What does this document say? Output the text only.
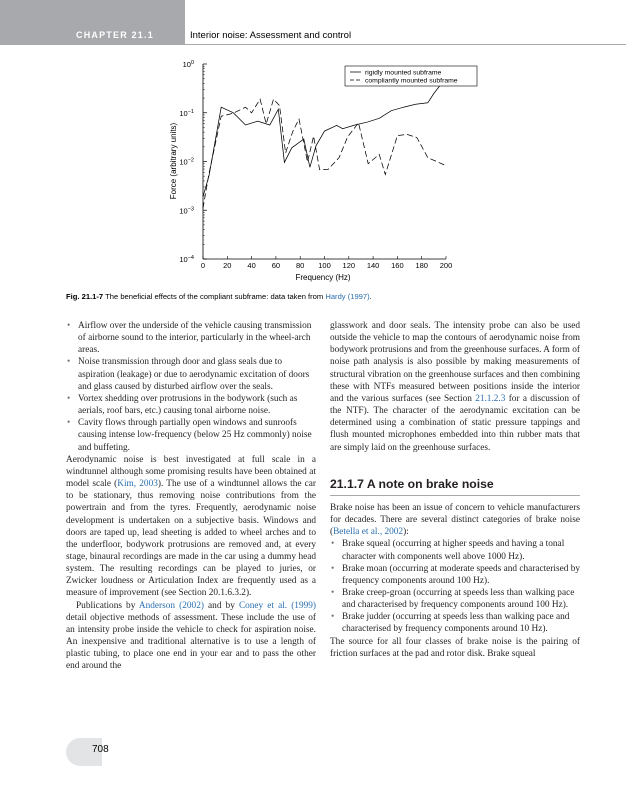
CHAPTER 21.1	Interior noise: Assessment and control
0 20 40 60 80 100 120 140 160 180 200
$10^0$
$10^{-1}$
$10^{-2}$
$10^{-3}$
$10^{-4}$
rigidly mounted subframe
compliantly mounted subframe
Frequency (Hz)
Force (arbitrary units)
Fig. 21.1-7 The beneficial effects of the compliant subframe: data taken from Hardy (1997).
• Airflow over the underside of the vehicle causing transmission of airborne sound to the interior, particularly in the wheel-arch areas.
• Noise transmission through door and glass seals due to aspiration (leakage) or due to aerodynamic excitation of doors and glass caused by disturbed airflow over the seals.
• Vortex shedding over protrusions in the bodywork (such as aerials, roof bars, etc.) causing tonal airborne noise.
• Cavity flows through partially open windows and sunroofs causing intense low-frequency (below 25 Hz commonly) noise and buffeting.

Aerodynamic noise is best investigated at full scale in a windtunnel although some promising results have been obtained at model scale (Kim, 2003). The use of a windtunnel allows the car to be stationary, thus removing noise contributions from the powertrain and from the tyres. Frequently, aerodynamic noise development is undertaken on a subjective basis. Windows and doors are taped up, lead sheeting is added to wheel arches and to the underfloor, bodywork protrusions are removed and, at every stage, binaural recordings are made in the car using a dummy head system. The resulting recordings can be played to juries, or Zwicker loudness or Articulation Index are frequently used as a measure of improvement (see Section 20.1.6.3.2).

Publications by Anderson (2002) and by Coney et al. (1999) detail objective methods of assessment. These include the use of an intensity probe inside the vehicle to check for aspiration noise. An inexpensive and traditional alternative is to use a length of plastic tubing, to place one end in your ear and to pass the other end around the

glasswork and door seals. The intensity probe can also be used outside the vehicle to map the contours of aerodynamic noise from bodywork protrusions and from the greenhouse surfaces. A form of noise path analysis is also possible by making measurements of structural vibration on the greenhouse surfaces and then combining these with NTFs measured between positions inside the interior and the various surfaces (see Section 21.1.2.3 for a discussion of the NTF). The character of the aerodynamic excitation can be determined using a combination of static pressure tappings and flush mounted microphones embedded into thin rubber mats that are simply laid on the greenhouse surfaces.

21.1.7 A note on brake noise

Brake noise has been an issue of concern to vehicle manufacturers for decades. There are several distinct categories of brake noise (Betella et al., 2002):

• Brake squeal (occurring at higher speeds and having a tonal character with components well above 1000 Hz).
• Brake moan (occurring at moderate speeds and characterised by frequency components around 100 Hz).
• Brake creep-groan (occurring at speeds less than walking pace and characterised by frequency components around 100 Hz).
• Brake judder (occurring at speeds less than walking pace and characterised by frequency components around 10 Hz).

The source for all four classes of brake noise is the pairing of friction surfaces at the pad and rotor disk. Brake squeal

708
